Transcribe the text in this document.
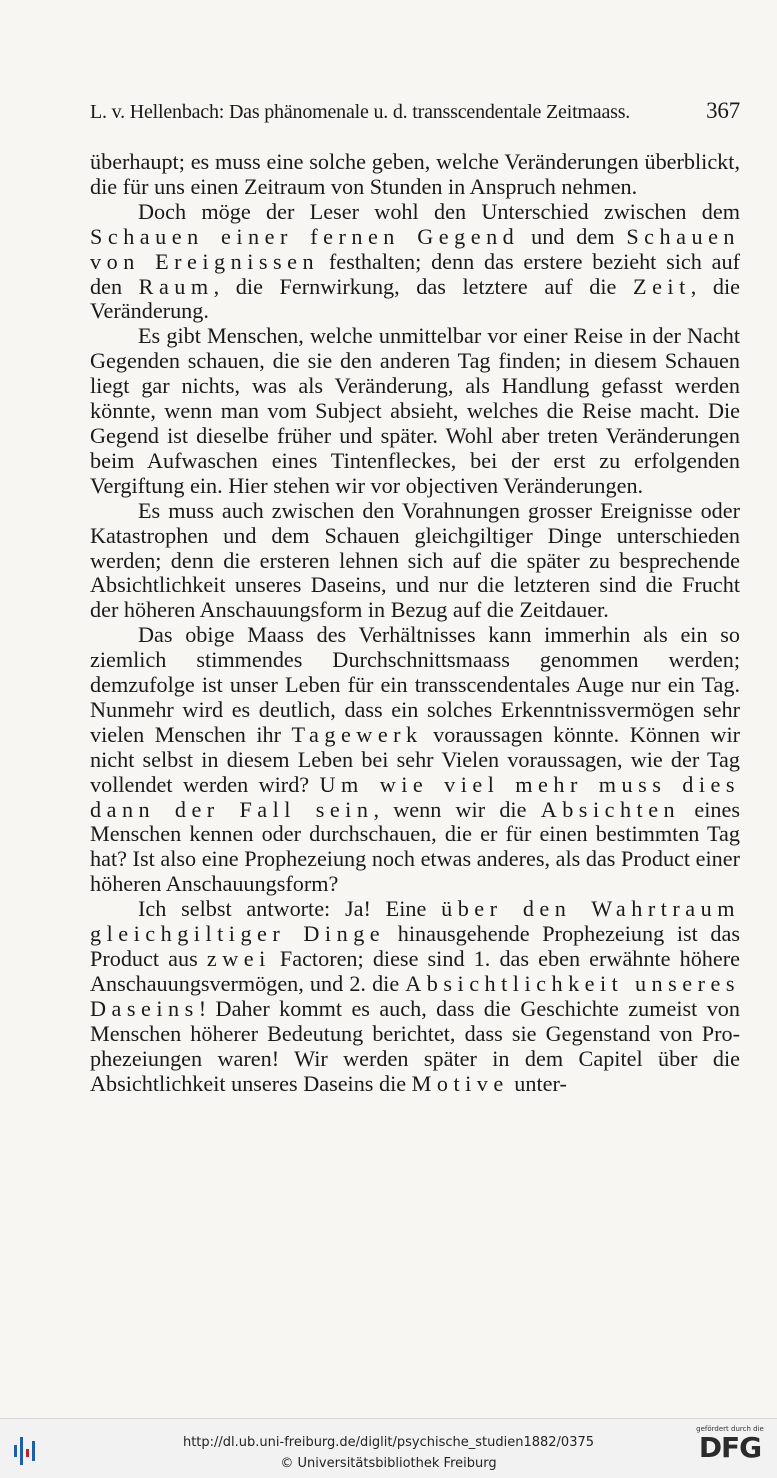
L. v. Hellenbach: Das phänomenale u. d. transscendentale Zeitmaass.	367

überhaupt; es muss eine solche geben, welche Veränderungen überblickt, die für uns einen Zeitraum von Stunden in Anspruch nehmen.

Doch möge der Leser wohl den Unterschied zwischen dem Schauen einer fernen Gegend und dem Schauen von Ereignissen festhalten; denn das erstere bezieht sich auf den Raum, die Fernwirkung, das letztere auf die Zeit, die Veränderung.

Es gibt Menschen, welche unmittelbar vor einer Reise in der Nacht Gegenden schauen, die sie den anderen Tag finden; in diesem Schauen liegt gar nichts, was als Veränderung, als Handlung gefasst werden könnte, wenn man vom Subject absieht, welches die Reise macht. Die Gegend ist dieselbe früher und später. Wohl aber treten Veränderungen beim Aufwaschen eines Tintenfleckes, bei der erst zu erfolgenden Vergiftung ein. Hier stehen wir vor objectiven Veränderungen.

Es muss auch zwischen den Vorahnungen grosser Ereignisse oder Katastrophen und dem Schauen gleichgiltiger Dinge unterschieden werden; denn die ersteren lehnen sich auf die später zu besprechende Absichtlichkeit unseres Daseins, und nur die letzteren sind die Frucht der höheren Anschauungsform in Bezug auf die Zeitdauer.

Das obige Maass des Verhältnisses kann immerhin als ein so ziemlich stimmendes Durchschnittsmaass genommen werden; demzufolge ist unser Leben für ein transscendentales Auge nur ein Tag. Nunmehr wird es deutlich, dass ein solches Erkenntnissvermögen sehr vielen Menschen ihr Tagewerk voraussagen könnte. Können wir nicht selbst in diesem Leben bei sehr Vielen voraussagen, wie der Tag vollendet werden wird? Um wie viel mehr muss dies dann der Fall sein, wenn wir die Absichten eines Menschen kennen oder durchschauen, die er für einen bestimmten Tag hat? Ist also eine Prophezeiung noch etwas anderes, als das Product einer höheren Anschauungsform?

Ich selbst antworte: Ja! Eine über den Wahrtraum gleichgiltiger Dinge hinausgehende Prophezeiung ist das Product aus zwei Factoren; diese sind 1. das eben erwähnte höhere Anschauungsvermögen, und 2. die Absichtlichkeit unseres Daseins! Daher kommt es auch, dass die Geschichte zumeist von Menschen höherer Bedeutung berichtet, dass sie Gegenstand von Prophezeiungen waren! Wir werden später in dem Capitel über die Absichtlichkeit unseres Daseins die Motive unter-

http://dl.ub.uni-freiburg.de/diglit/psychische_studien1882/0375
© Universitätsbibliothek Freiburg
gefördert durch die
DFG
